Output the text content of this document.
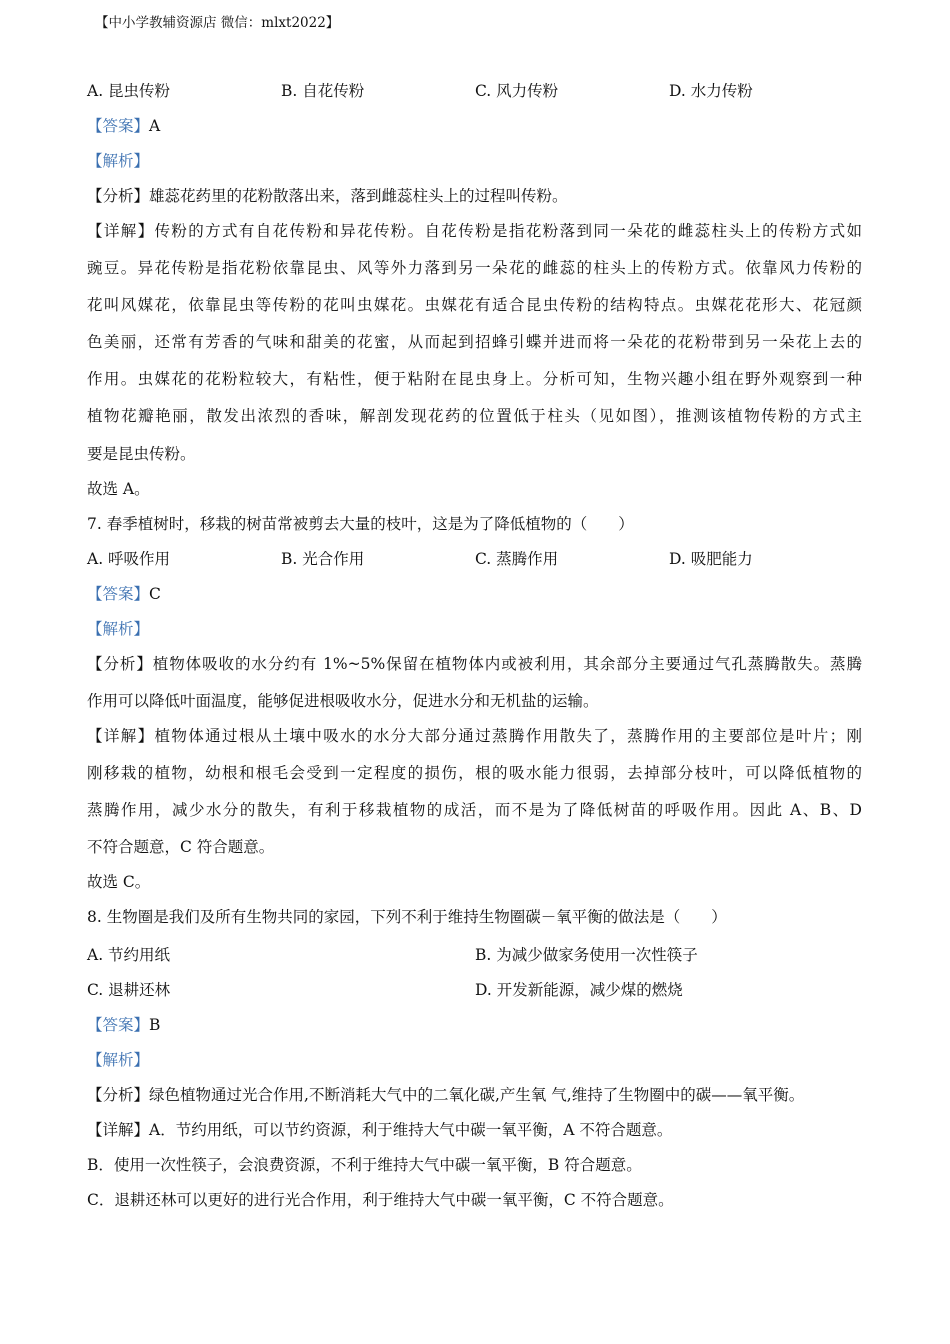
【中小学教辅资源店 微信：mlxt2022】
A. 昆虫传粉	B. 自花传粉	C. 风力传粉	D. 水力传粉
【答案】A
【解析】
【分析】雄蕊花药里的花粉散落出来，落到雌蕊柱头上的过程叫传粉。
【详解】传粉的方式有自花传粉和异花传粉。自花传粉是指花粉落到同一朵花的雌蕊柱头上的传粉方式如
豌豆。异花传粉是指花粉依靠昆虫、风等外力落到另一朵花的雌蕊的柱头上的传粉方式。依靠风力传粉的
花叫风媒花，依靠昆虫等传粉的花叫虫媒花。虫媒花有适合昆虫传粉的结构特点。虫媒花花形大、花冠颜
色美丽，还常有芳香的气味和甜美的花蜜，从而起到招蜂引蝶并进而将一朵花的花粉带到另一朵花上去的
作用。虫媒花的花粉粒较大，有粘性，便于粘附在昆虫身上。分析可知，生物兴趣小组在野外观察到一种
植物花瓣艳丽，散发出浓烈的香味，解剖发现花药的位置低于柱头（见如图），推测该植物传粉的方式主
要是昆虫传粉。
故选 A。
7. 春季植树时，移栽的树苗常被剪去大量的枝叶，这是为了降低植物的（　　）
A. 呼吸作用	B. 光合作用	C. 蒸腾作用	D. 吸肥能力
【答案】C
【解析】
【分析】植物体吸收的水分约有 1%~5%保留在植物体内或被利用，其余部分主要通过气孔蒸腾散失。蒸腾
作用可以降低叶面温度，能够促进根吸收水分，促进水分和无机盐的运输。
【详解】植物体通过根从土壤中吸水的水分大部分通过蒸腾作用散失了，蒸腾作用的主要部位是叶片；刚
刚移栽的植物，幼根和根毛会受到一定程度的损伤，根的吸水能力很弱，去掉部分枝叶，可以降低植物的
蒸腾作用，减少水分的散失，有利于移栽植物的成活，而不是为了降低树苗的呼吸作用。因此 A、B、D
不符合题意，C 符合题意。
故选 C。
8. 生物圈是我们及所有生物共同的家园，下列不利于维持生物圈碳－氧平衡的做法是（　　）
A. 节约用纸	B. 为减少做家务使用一次性筷子
C. 退耕还林	D. 开发新能源，减少煤的燃烧
【答案】B
【解析】
【分析】绿色植物通过光合作用,不断消耗大气中的二氧化碳,产生氧 气,维持了生物圈中的碳——氧平衡。
【详解】A．节约用纸，可以节约资源，利于维持大气中碳一氧平衡，A 不符合题意。
B．使用一次性筷子，会浪费资源，不利于维持大气中碳一氧平衡，B 符合题意。
C．退耕还林可以更好的进行光合作用，利于维持大气中碳一氧平衡，C 不符合题意。
